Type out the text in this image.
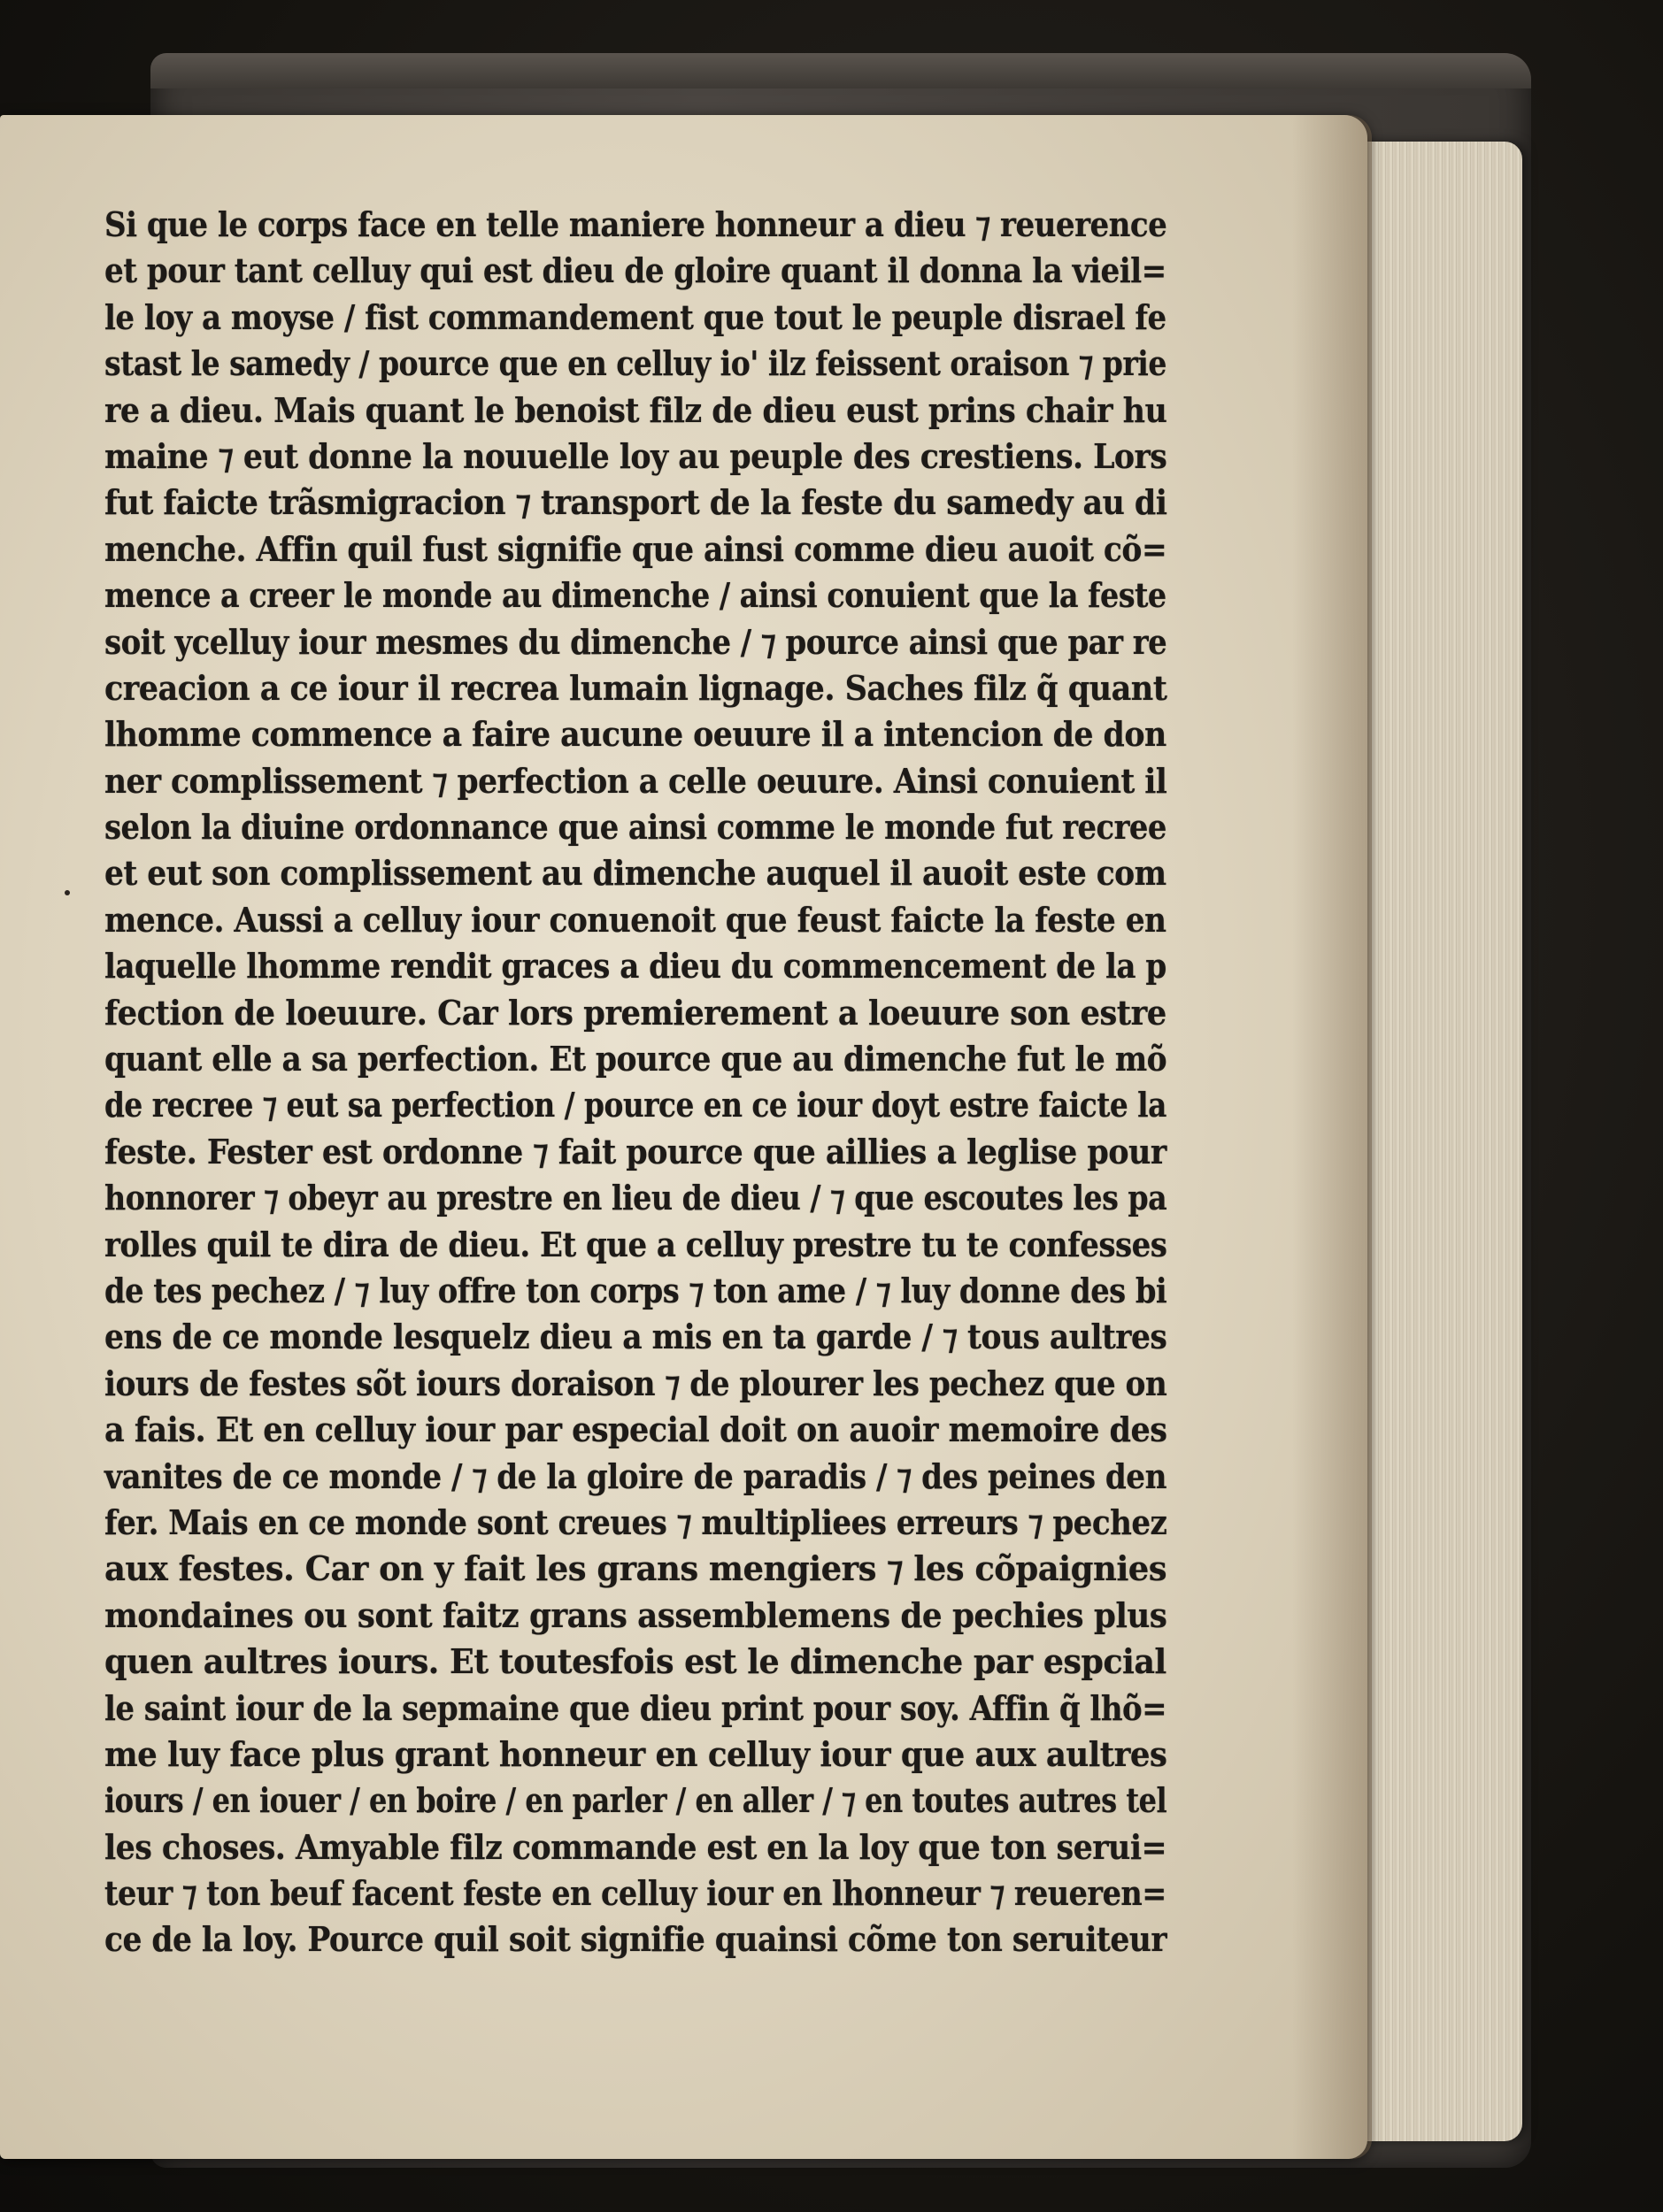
Si que le corps face en telle maniere honneur a dieu ⁊ reuerence
et pour tant celluy qui est dieu de gloire quant il donna la vieil=
le loy a moyse / fist commandement que tout le peuple disrael fe
stast le samedy / pource que en celluy io' ilz feissent oraison ⁊ prie
re a dieu. Mais quant le benoist filz de dieu eust prins chair hu
maine ⁊ eut donne la nouuelle loy au peuple des crestiens. Lors
fut faicte trãsmigracion ⁊ transport de la feste du samedy au di
menche. Affin quil fust signifie que ainsi comme dieu auoit cõ=
mence a creer le monde au dimenche / ainsi conuient que la feste
soit ycelluy iour mesmes du dimenche / ⁊ pource ainsi que par re
creacion a ce iour il recrea lumain lignage. Saches filz q̃ quant
lhomme commence a faire aucune oeuure il a intencion de don
ner complissement ⁊ perfection a celle oeuure. Ainsi conuient il
selon la diuine ordonnance que ainsi comme le monde fut recree
et eut son complissement au dimenche auquel il auoit este com
mence. Aussi a celluy iour conuenoit que feust faicte la feste en
laquelle lhomme rendit graces a dieu du commencement de la p
fection de loeuure. Car lors premierement a loeuure son estre
quant elle a sa perfection. Et pource que au dimenche fut le mõ
de recree ⁊ eut sa perfection / pource en ce iour doyt estre faicte la
feste. Fester est ordonne ⁊ fait pource que aillies a leglise pour
honnorer ⁊ obeyr au prestre en lieu de dieu / ⁊ que escoutes les pa
rolles quil te dira de dieu. Et que a celluy prestre tu te confesses
de tes pechez / ⁊ luy offre ton corps ⁊ ton ame / ⁊ luy donne des bi
ens de ce monde lesquelz dieu a mis en ta garde / ⁊ tous aultres
iours de festes sõt iours doraison ⁊ de plourer les pechez que on
a fais. Et en celluy iour par especial doit on auoir memoire des
vanites de ce monde / ⁊ de la gloire de paradis / ⁊ des peines den
fer. Mais en ce monde sont creues ⁊ multipliees erreurs ⁊ pechez
aux festes. Car on y fait les grans mengiers ⁊ les cõpaignies
mondaines ou sont faitz grans assemblemens de pechies plus
quen aultres iours. Et toutesfois est le dimenche par espcial
le saint iour de la sepmaine que dieu print pour soy. Affin q̃ lhõ=
me luy face plus grant honneur en celluy iour que aux aultres
iours / en iouer / en boire / en parler / en aller / ⁊ en toutes autres tel
les choses. Amyable filz commande est en la loy que ton serui=
teur ⁊ ton beuf facent feste en celluy iour en lhonneur ⁊ reueren=
ce de la loy. Pource quil soit signifie quainsi cõme ton seruiteur
